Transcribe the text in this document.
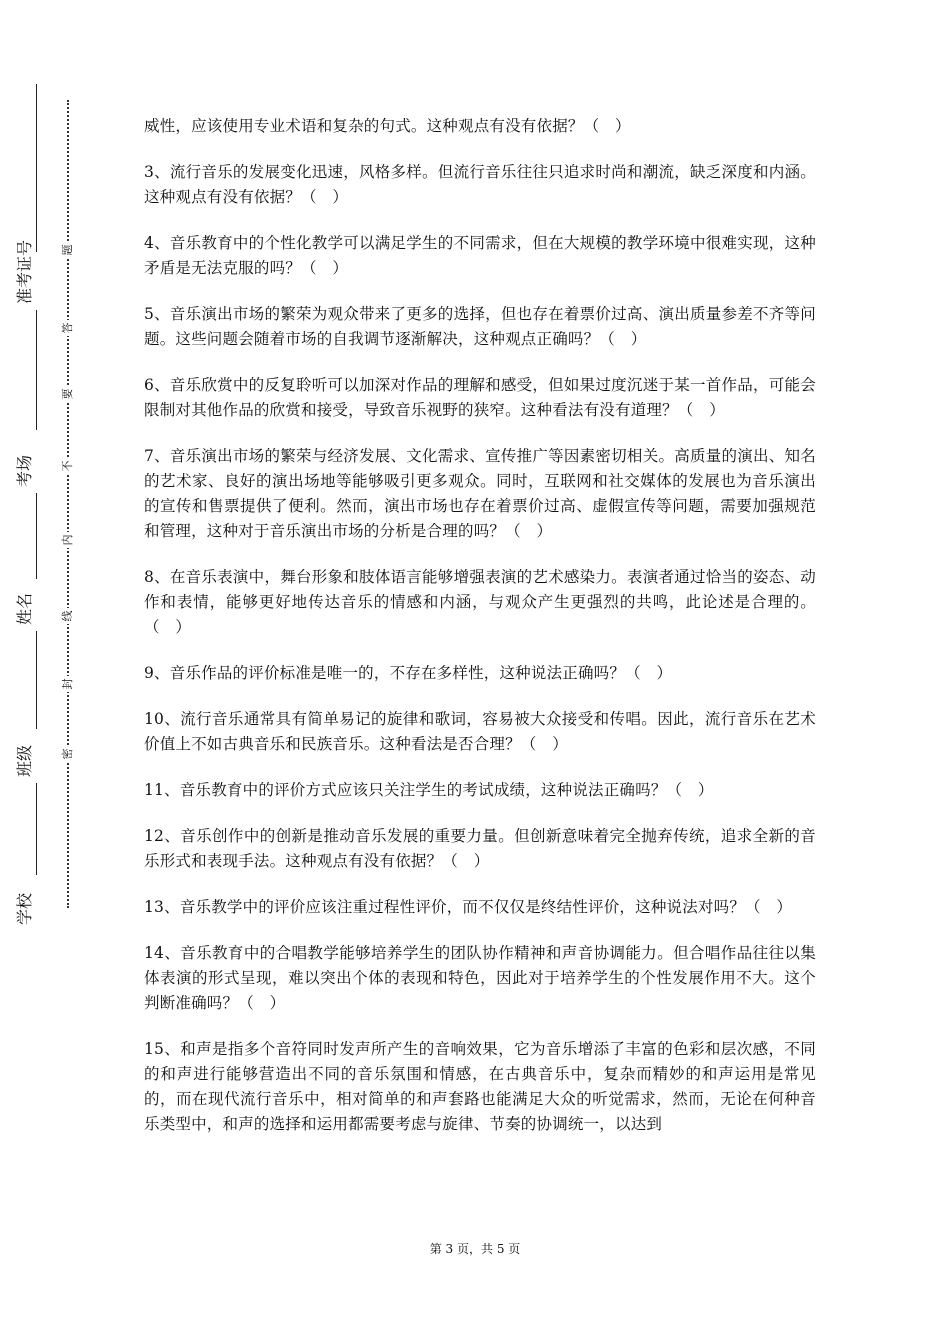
准考证号
考场
姓名
班级
学校
题
答
要
不
内
线
封
密

威性，应该使用专业术语和复杂的句式。这种观点有没有依据？（　）

3、流行音乐的发展变化迅速，风格多样。但流行音乐往往只追求时尚和潮流，缺乏深度和内涵。这种观点有没有依据？（　）

4、音乐教育中的个性化教学可以满足学生的不同需求，但在大规模的教学环境中很难实现，这种矛盾是无法克服的吗？（　）

5、音乐演出市场的繁荣为观众带来了更多的选择，但也存在着票价过高、演出质量参差不齐等问题。这些问题会随着市场的自我调节逐渐解决，这种观点正确吗？（　）

6、音乐欣赏中的反复聆听可以加深对作品的理解和感受，但如果过度沉迷于某一首作品，可能会限制对其他作品的欣赏和接受，导致音乐视野的狭窄。这种看法有没有道理？（　）

7、音乐演出市场的繁荣与经济发展、文化需求、宣传推广等因素密切相关。高质量的演出、知名的艺术家、良好的演出场地等能够吸引更多观众。同时，互联网和社交媒体的发展也为音乐演出的宣传和售票提供了便利。然而，演出市场也存在着票价过高、虚假宣传等问题，需要加强规范和管理，这种对于音乐演出市场的分析是合理的吗？（　）

8、在音乐表演中，舞台形象和肢体语言能够增强表演的艺术感染力。表演者通过恰当的姿态、动作和表情，能够更好地传达音乐的情感和内涵，与观众产生更强烈的共鸣，此论述是合理的。（　）

9、音乐作品的评价标准是唯一的，不存在多样性，这种说法正确吗？（　）

10、流行音乐通常具有简单易记的旋律和歌词，容易被大众接受和传唱。因此，流行音乐在艺术价值上不如古典音乐和民族音乐。这种看法是否合理？（　）

11、音乐教育中的评价方式应该只关注学生的考试成绩，这种说法正确吗？（　）

12、音乐创作中的创新是推动音乐发展的重要力量。但创新意味着完全抛弃传统，追求全新的音乐形式和表现手法。这种观点有没有依据？（　）

13、音乐教学中的评价应该注重过程性评价，而不仅仅是终结性评价，这种说法对吗？（　）

14、音乐教育中的合唱教学能够培养学生的团队协作精神和声音协调能力。但合唱作品往往以集体表演的形式呈现，难以突出个体的表现和特色，因此对于培养学生的个性发展作用不大。这个判断准确吗？（　）

15、和声是指多个音符同时发声所产生的音响效果，它为音乐增添了丰富的色彩和层次感，不同的和声进行能够营造出不同的音乐氛围和情感，在古典音乐中，复杂而精妙的和声运用是常见的，而在现代流行音乐中，相对简单的和声套路也能满足大众的听觉需求，然而，无论在何种音乐类型中，和声的选择和运用都需要考虑与旋律、节奏的协调统一，以达到

第 3 页，共 5 页
